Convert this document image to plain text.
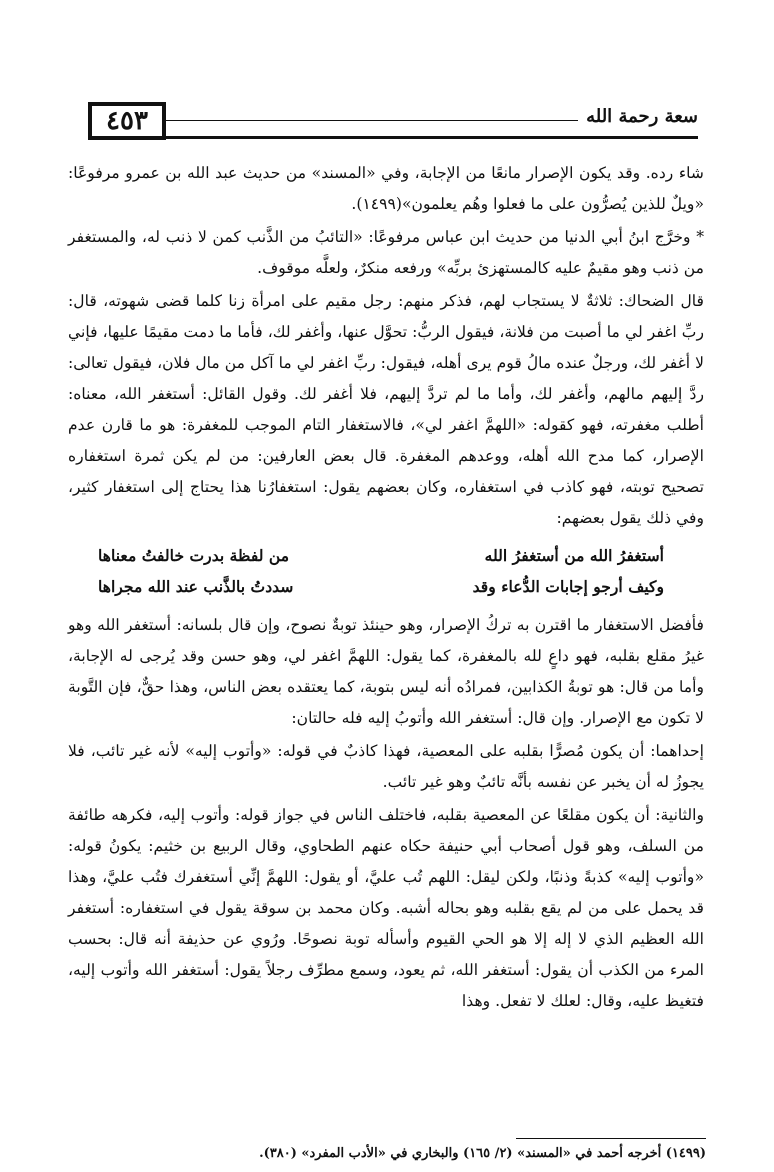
٤٥٣	سعة رحمة الله

شاء رده. وقد يكون الإصرار مانعًا من الإجابة، وفي «المسند» من حديث عبد الله بن عمرو مرفوعًا: «ويلٌ للذين يُصرُّون على ما فعلوا وهُم يعلمون»(١٤٩٩).

* وخرَّج ابنُ أبي الدنيا من حديث ابن عباس مرفوعًا: «التائبُ من الذَّنب كمن لا ذنب له، والمستغفر من ذنب وهو مقيمٌ عليه كالمستهزئ بربِّه» ورفعه منكرٌ، ولعلَّه موقوف.

قال الضحاك: ثلاثةٌ لا يستجاب لهم، فذكر منهم: رجل مقيم على امرأة زنا كلما قضى شهوته، قال: ربِّ اغفر لي ما أصبت من فلانة، فيقول الربُّ: تحوَّل عنها، وأغفر لك، فأما ما دمت مقيمًا عليها، فإني لا أغفر لك، ورجلٌ عنده مالُ قوم يرى أهله، فيقول: ربِّ اغفر لي ما آكل من مال فلان، فيقول تعالى: ردَّ إليهم مالهم، وأغفر لك، وأما ما لم تردَّ إليهم، فلا أغفر لك. وقول القائل: أستغفر الله، معناه: أطلب مغفرته، فهو كقوله: «اللهمَّ اغفر لي»، فالاستغفار التام الموجب للمغفرة: هو ما قارن عدم الإصرار، كما مدح الله أهله، ووعدهم المغفرة. قال بعض العارفين: من لم يكن ثمرة استغفاره تصحيح توبته، فهو كاذب في استغفاره، وكان بعضهم يقول: استغفارُنا هذا يحتاج إلى استغفار كثير، وفي ذلك يقول بعضهم:

أستغفرُ الله من أستغفرُ الله
من لفظة بدرت خالفتُ معناها
وكيف أرجو إجابات الدُّعاء وقد
سددتُ بالذَّنب عند الله مجراها

فأفضل الاستغفار ما اقترن به تركُ الإصرار، وهو حينئذ توبةٌ نصوح، وإن قال بلسانه: أستغفر الله وهو غيرُ مقلع بقلبه، فهو داعٍ لله بالمغفرة، كما يقول: اللهمَّ اغفر لي، وهو حسن وقد يُرجى له الإجابة، وأما من قال: هو توبةُ الكذابين، فمرادُه أنه ليس بتوبة، كما يعتقده بعض الناس، وهذا حقٌّ، فإن التَّوبة لا تكون مع الإصرار. وإن قال: أستغفر الله وأتوبُ إليه فله حالتان:

إحداهما: أن يكون مُصرًّا بقلبه على المعصية، فهذا كاذبٌ في قوله: «وأتوب إليه» لأنه غير تائب، فلا يجوزُ له أن يخبر عن نفسه بأنَّه تائبٌ وهو غير تائب.

والثانية: أن يكون مقلعًا عن المعصية بقلبه، فاختلف الناس في جواز قوله: وأتوب إليه، فكرهه طائفة من السلف، وهو قول أصحاب أبي حنيفة حكاه عنهم الطحاوي، وقال الربيع بن خثيم: يكونُ قوله: «وأتوب إليه» كذبةً وذنبًا، ولكن ليقل: اللهم تُب عليَّ، أو يقول: اللهمَّ إنِّي أستغفرك فتُب عليَّ، وهذا قد يحمل على من لم يقع بقلبه وهو بحاله أشبه. وكان محمد بن سوقة يقول في استغفاره: أستغفر الله العظيم الذي لا إله إلا هو الحي القيوم وأسأله توبة نصوحًا. ورُوي عن حذيفة أنه قال: بحسب المرء من الكذب أن يقول: أستغفر الله، ثم يعود، وسمع مطرِّف رجلاً يقول: أستغفر الله وأتوب إليه، فتغيظ عليه، وقال: لعلك لا تفعل. وهذا

(١٤٩٩) أخرجه أحمد في «المسند» (٢/ ١٦٥) والبخاري في «الأدب المفرد» (٣٨٠).
